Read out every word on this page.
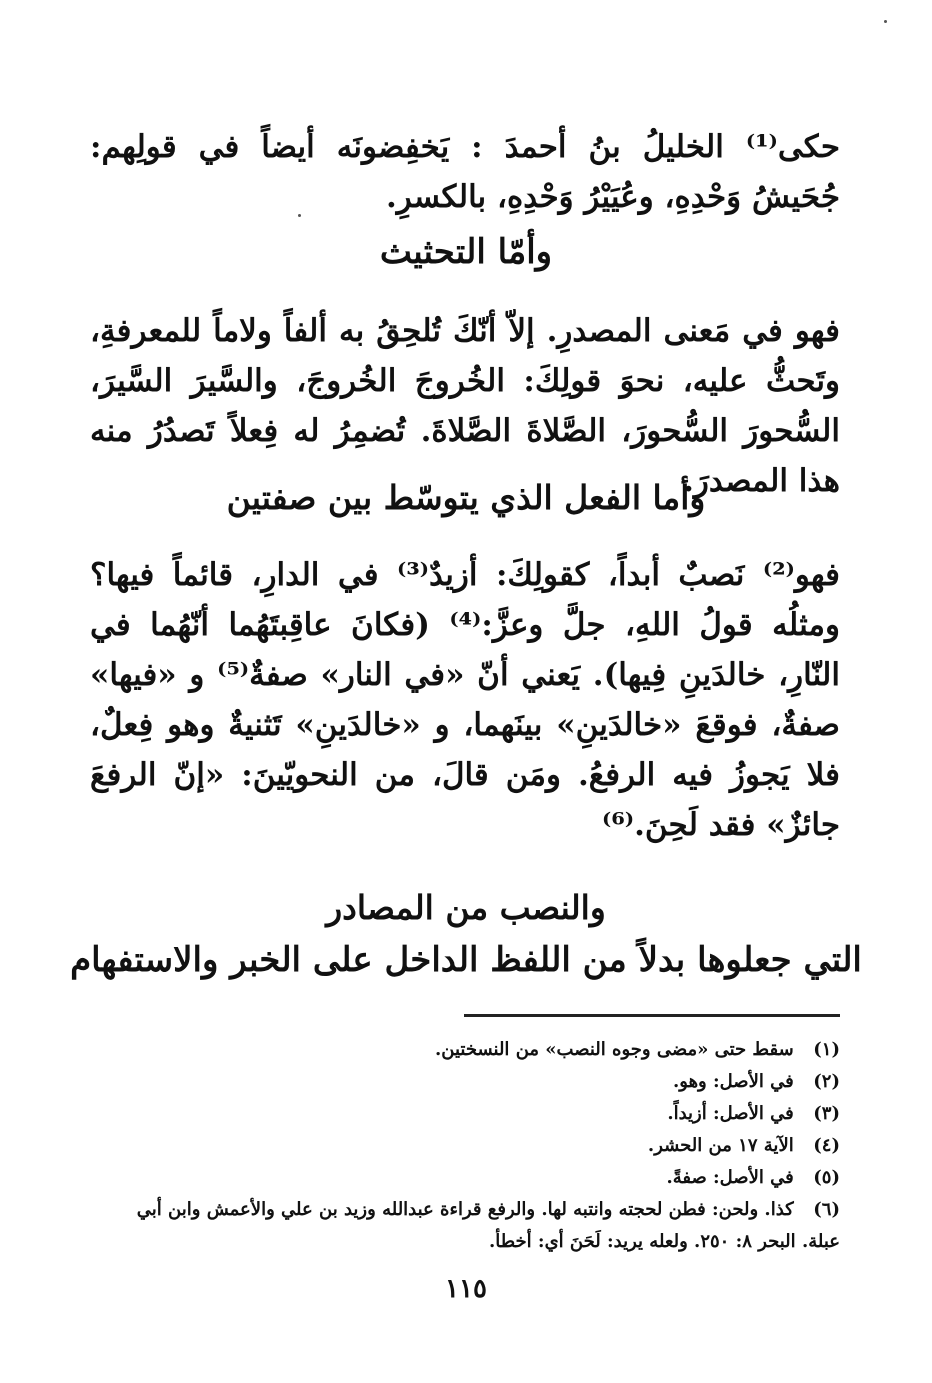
حكى⁽¹⁾ الخليلُ بنُ أحمدَ : يَخفِضونَه أيضاً في قولِهم: جُحَيشُ وَحْدِهِ، وعُيَيْرُ وَحْدِهِ، بالكسرِ.

وأمّا التحثيث

فهو في مَعنى المصدرِ. إلاّ أنّكَ تُلحِقُ به ألفاً ولاماً للمعرفةِ، وتَحثُّ عليه، نحوَ قولِكَ: الخُروجَ الخُروجَ، والسَّيرَ السَّيرَ، السُّحورَ السُّحورَ، الصَّلاةَ الصَّلاةَ. تُضمِرُ له فِعلاً تَصدُرُ منه هذا المصدرَ.

وأما الفعل الذي يتوسّط بين صفتين

فهو⁽²⁾ نَصبٌ أبداً، كقولِكَ: أزيدٌ⁽³⁾ في الدارِ، قائماً فيها؟ ومثلُه قولُ اللهِ، جلَّ وعزَّ:⁽⁴⁾ (فكانَ عاقِبتَهُما أنّهُما في النّارِ، خالدَينِ فِيها). يَعني أنّ «في النار» صفةٌ⁽⁵⁾ و «فيها» صفةٌ، فوقعَ «خالدَينِ» بينَهما، و «خالدَينِ» تَثنيةٌ وهو فِعلٌ، فلا يَجوزُ فيه الرفعُ. ومَن قالَ، من النحويّينَ: «إنّ الرفعَ جائزٌ» فقد لَحِنَ.⁽⁶⁾

والنصب من المصادر
التي جعلوها بدلاً من اللفظ الداخل على الخبر والاستفهام

(١) سقط حتى «مضى وجوه النصب» من النسختين.

(٢) في الأصل: وهو.

(٣) في الأصل: أزيداً.

(٤) الآية ١٧ من الحشر.

(٥) في الأصل: صفةً.

(٦) كذا. ولحن: فطن لحجته وانتبه لها. والرفع قراءة عبدالله وزيد بن علي والأعمش وابن أبي

عبلة. البحر ٨: ٢٥٠. ولعله يريد: لَحَنَ أي: أخطأ.

١١٥
